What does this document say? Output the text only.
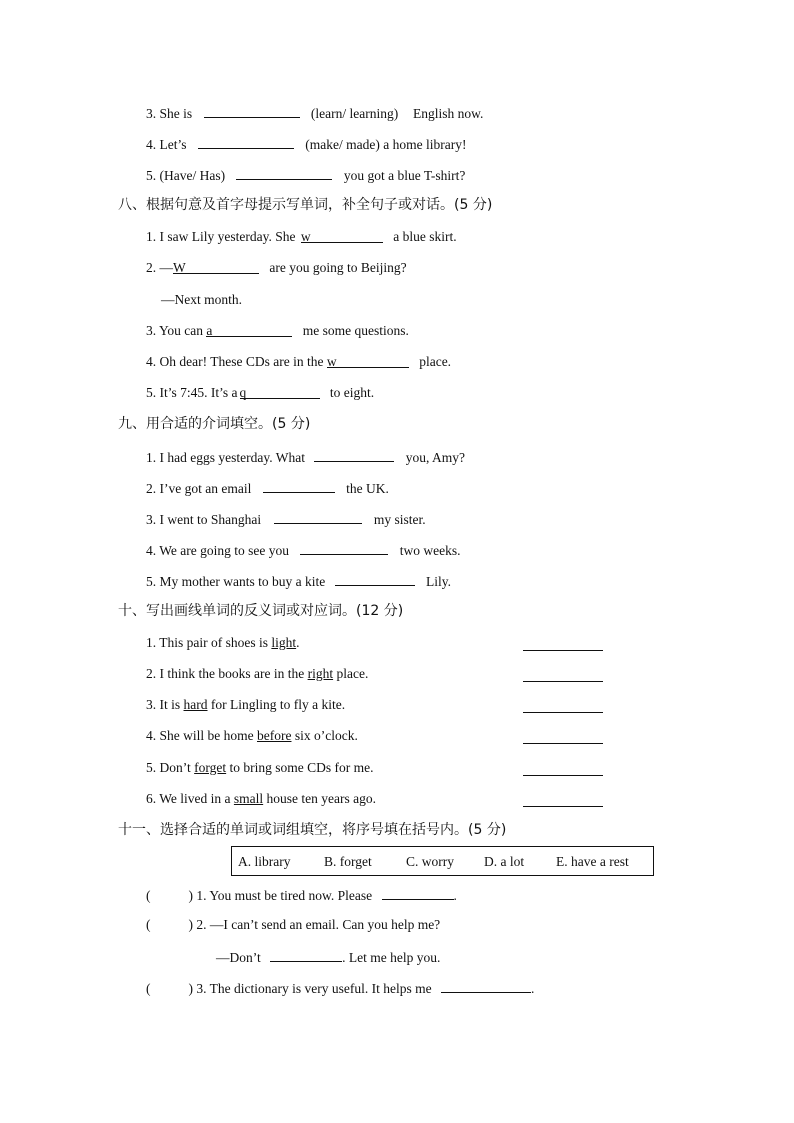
3. She is	(learn/ learning) English now.
4. Let’s	(make/ made) a home library!
5. (Have/ Has)	you got a blue T-shirt?
八、根据句意及首字母提示写单词，补全句子或对话。(5 分)
1. I saw Lily yesterday. She w	a blue skirt.
2. —W	are you going to Beijing?
—Next month.
3. You can a	me some questions.
4. Oh dear! These CDs are in the w	place.
5. It’s 7:45. It’s a q	to eight.
九、用合适的介词填空。(5 分)
1. I had eggs yesterday. What	you, Amy?
2. I’ve got an email	the UK.
3. I went to Shanghai	my sister.
4. We are going to see you	two weeks.
5. My mother wants to buy a kite	Lily.
十、写出画线单词的反义词或对应词。(12 分)
1. This pair of shoes is light.
2. I think the books are in the right place.
3. It is hard for Lingling to fly a kite.
4. She will be home before six o’clock.
5. Don’t forget to bring some CDs for me.
6. We lived in a small house ten years ago.
十一、选择合适的单词或词组填空，将序号填在括号内。(5 分)
A. library B. forget	C. worry D. a lot E. have a rest
(	) 1. You must be tired now. Please	.
(	) 2. —I can’t send an email. Can you help me?
—Don’t	. Let me help you.
(	) 3. The dictionary is very useful. It helps me	.
